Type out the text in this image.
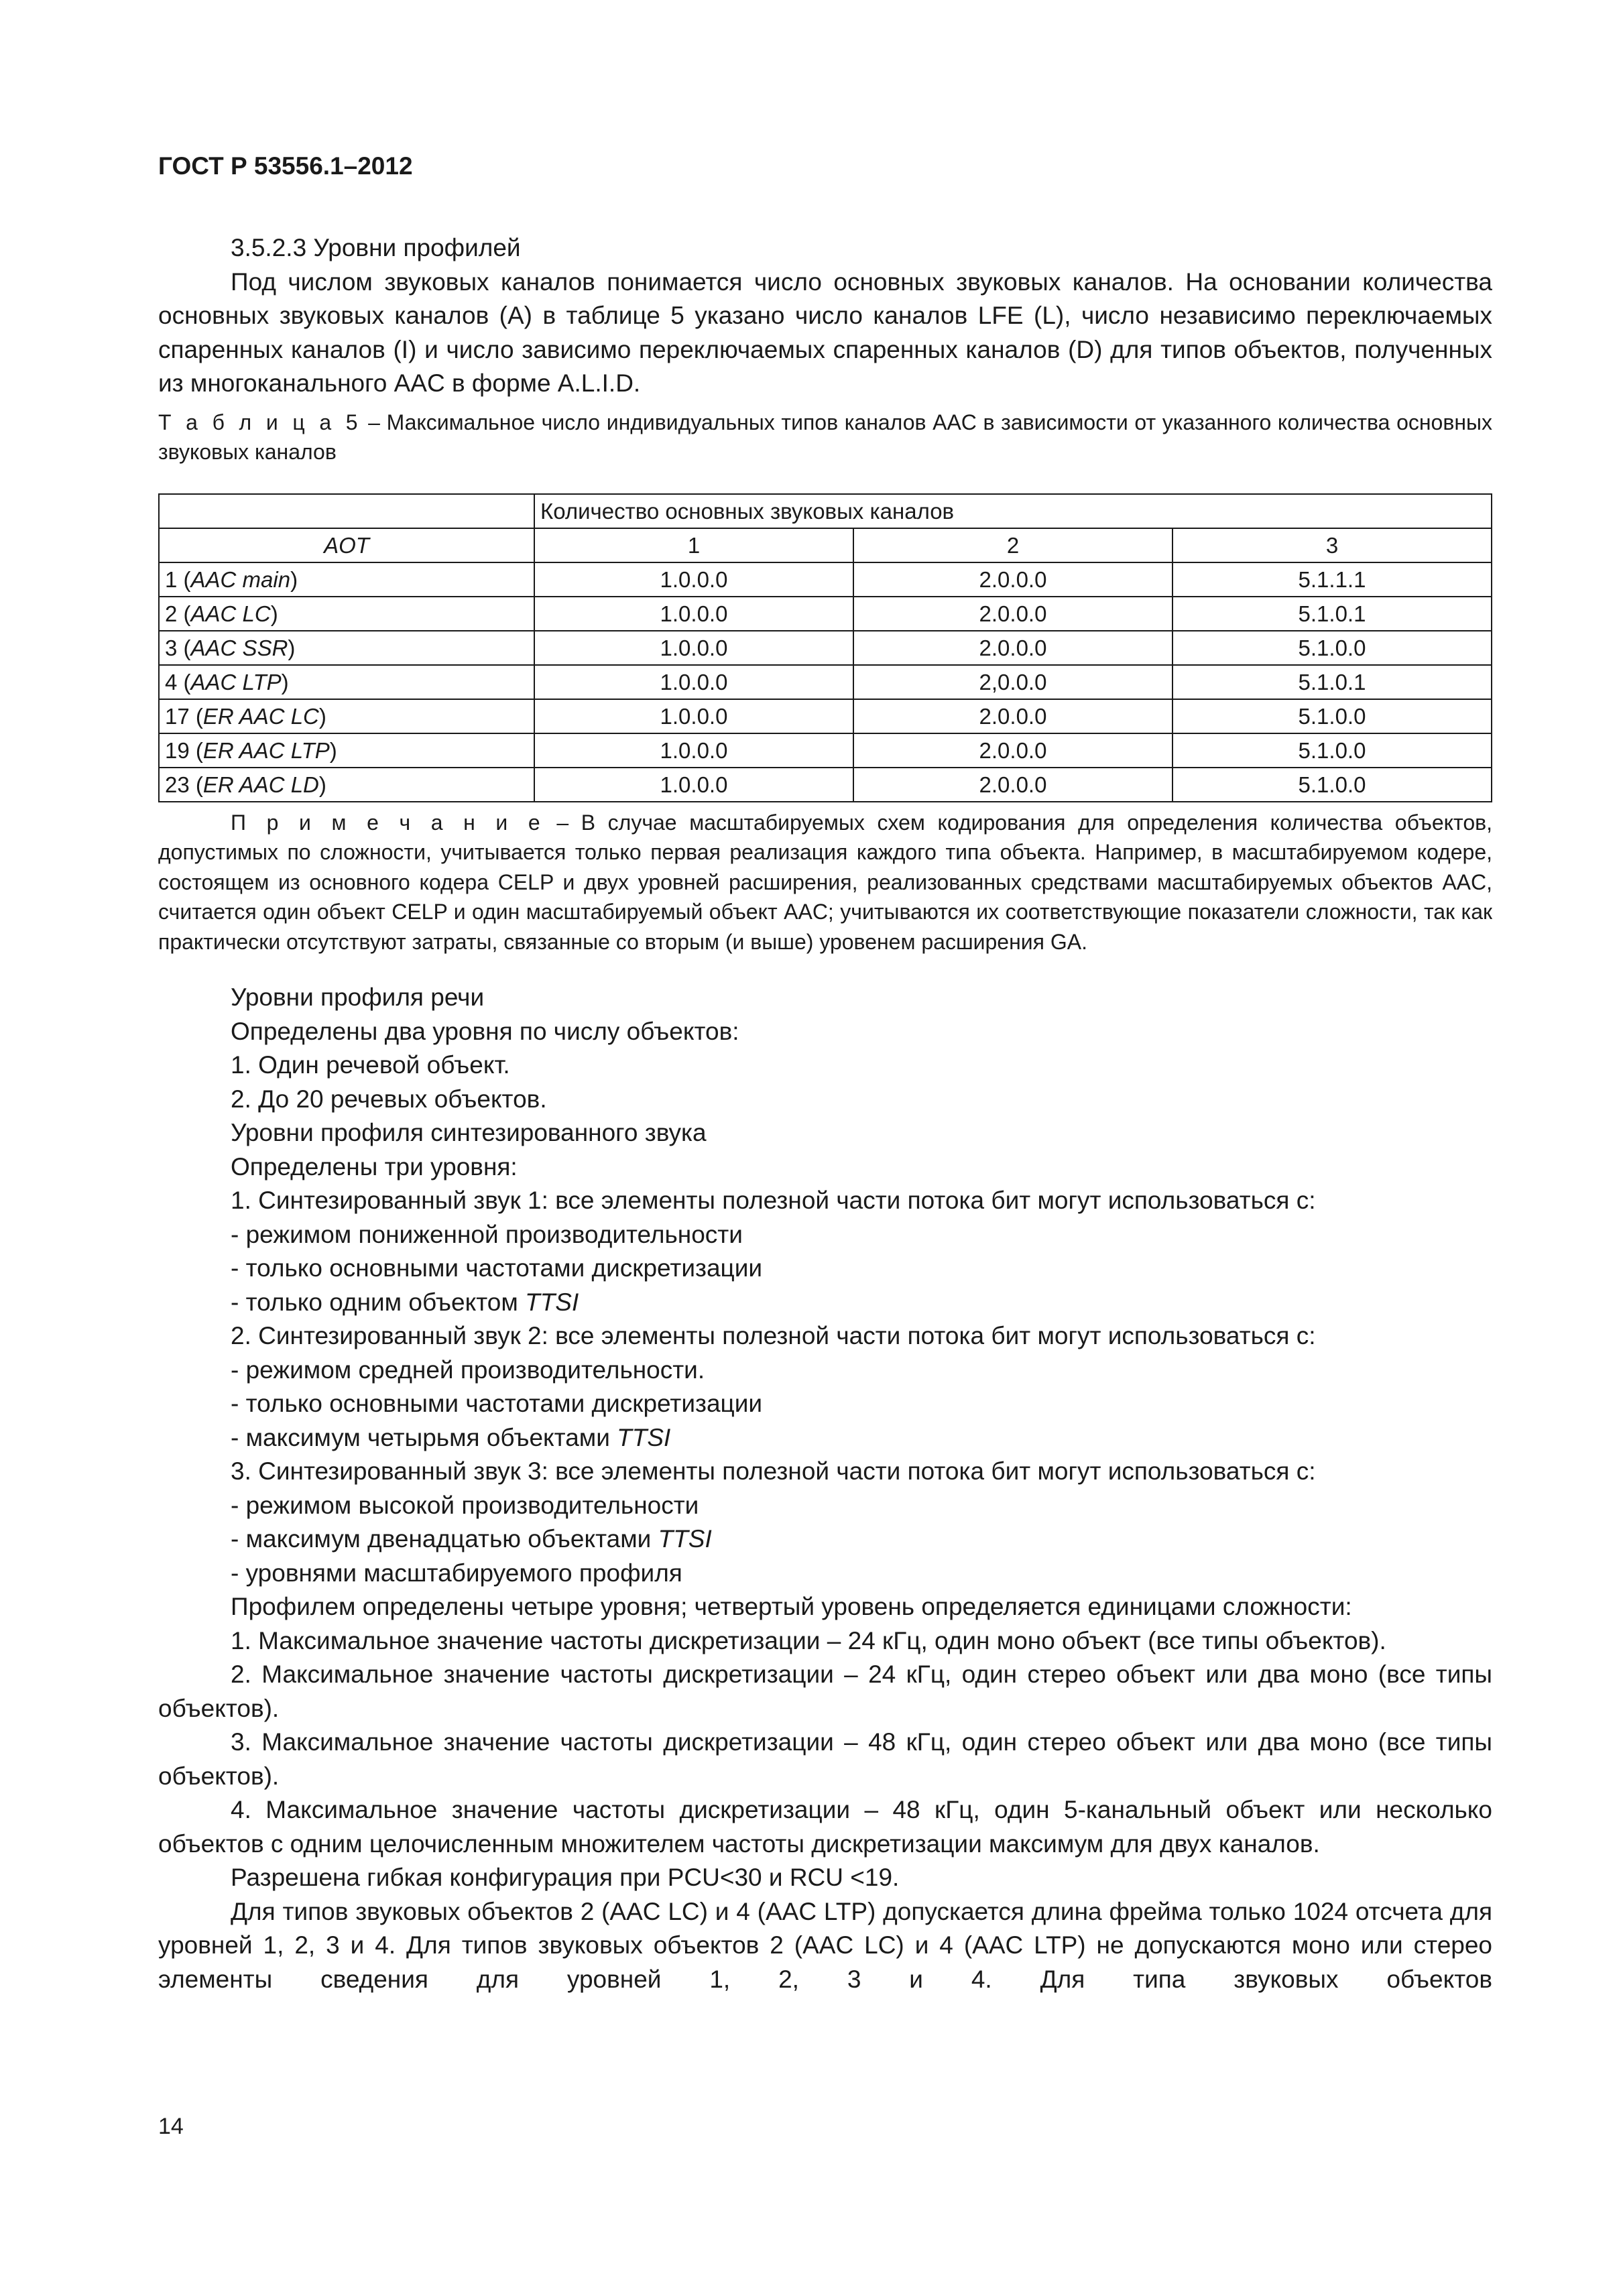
ГОСТ Р 53556.1–2012

3.5.2.3 Уровни профилей

Под числом звуковых каналов понимается число основных звуковых каналов. На основании количества основных звуковых каналов (A) в таблице 5 указано число каналов LFE (L), число независимо переключаемых спаренных каналов (I) и число зависимо переключаемых спаренных каналов (D) для типов объектов, полученных из многоканального AAC в форме A.L.I.D.

Т а б л и ц а 5 – Максимальное число индивидуальных типов каналов AAC в зависимости от указанного количества основных звуковых каналов

	Количество основных звуковых каналов		
AOT	1	2	3
1 (AAC main)	1.0.0.0	2.0.0.0	5.1.1.1
2 (AAC LC)	1.0.0.0	2.0.0.0	5.1.0.1
3 (AAC SSR)	1.0.0.0	2.0.0.0	5.1.0.0
4 (AAC LTP)	1.0.0.0	2,0.0.0	5.1.0.1
17 (ER AAC LC)	1.0.0.0	2.0.0.0	5.1.0.0
19 (ER AAC LTP)	1.0.0.0	2.0.0.0	5.1.0.0
23 (ER AAC LD)	1.0.0.0	2.0.0.0	5.1.0.0

П р и м е ч а н и е – В случае масштабируемых схем кодирования для определения количества объектов, допустимых по сложности, учитывается только первая реализация каждого типа объекта. Например, в масштабируемом кодере, состоящем из основного кодера CELP и двух уровней расширения, реализованных средствами масштабируемых объектов AAC, считается один объект CELP и один масштабируемый объект AAC; учитываются их соответствующие показатели сложности, так как практически отсутствуют затраты, связанные со вторым (и выше) уровенем расширения GA.

Уровни профиля речи

Определены два уровня по числу объектов:

1. Один речевой объект.

2. До 20 речевых объектов.

Уровни профиля синтезированного звука

Определены три уровня:

1. Синтезированный звук 1: все элементы полезной части потока бит могут использоваться с:

- режимом пониженной производительности

- только основными частотами дискретизации

- только одним объектом TTSI

2. Синтезированный звук 2: все элементы полезной части потока бит могут использоваться с:

- режимом средней производительности.

- только основными частотами дискретизации

- максимум четырьмя объектами TTSI

3. Синтезированный звук 3: все элементы полезной части потока бит могут использоваться с:

- режимом высокой производительности

- максимум двенадцатью объектами TTSI

- уровнями масштабируемого профиля

Профилем определены четыре уровня; четвертый уровень определяется единицами сложности:

1. Максимальное значение частоты дискретизации – 24 кГц, один моно объект (все типы объектов).

2. Максимальное значение частоты дискретизации – 24 кГц, один стерео объект или два моно (все типы объектов).

3. Максимальное значение частоты дискретизации – 48 кГц, один стерео объект или два моно (все типы объектов).

4. Максимальное значение частоты дискретизации – 48 кГц, один 5-канальный объект или несколько объектов с одним целочисленным множителем частоты дискретизации максимум для двух каналов.

Разрешена гибкая конфигурация при PCU<30 и RCU <19.

Для типов звуковых объектов 2 (AAC LC) и 4 (AAC LTP) допускается длина фрейма только 1024 отсчета для уровней 1, 2, 3 и 4. Для типов звуковых объектов 2 (AAC LC) и 4 (AAC LTP) не допускаются моно или стерео элементы сведения для уровней 1, 2, 3 и 4. Для типа звуковых объектов

14
